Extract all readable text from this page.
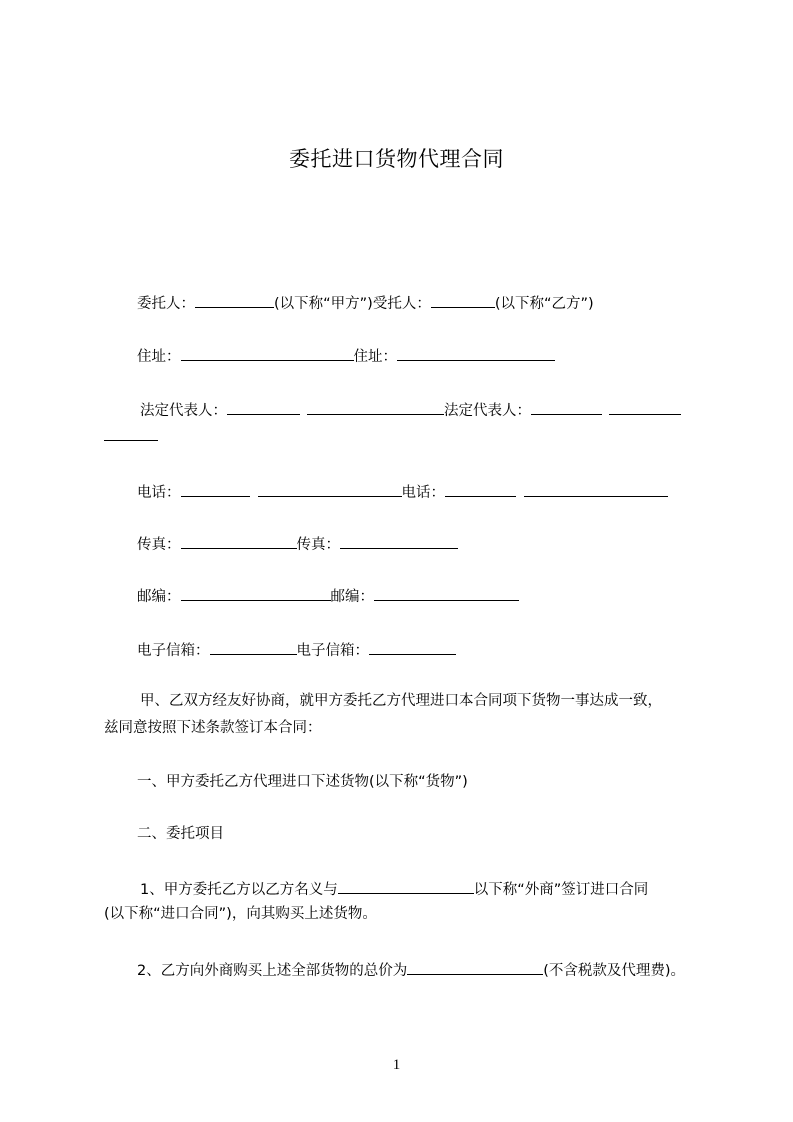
委托进口货物代理合同
委托人：	(以下称“甲方”)受托人：	(以下称“乙方”)
住址：	住址：
法定代表人：	法定代表人：
电话：	电话：
传真：	传真：
邮编：	邮编：
电子信箱：	电子信箱：
甲、乙双方经友好协商，就甲方委托乙方代理进口本合同项下货物一事达成一致，
兹同意按照下述条款签订本合同：
一、甲方委托乙方代理进口下述货物(以下称“货物”)
二、委托项目
1、甲方委托乙方以乙方名义与	以下称“外商”签订进口合同
(以下称“进口合同”)，向其购买上述货物。
2、乙方向外商购买上述全部货物的总价为	(不含税款及代理费)。
1
